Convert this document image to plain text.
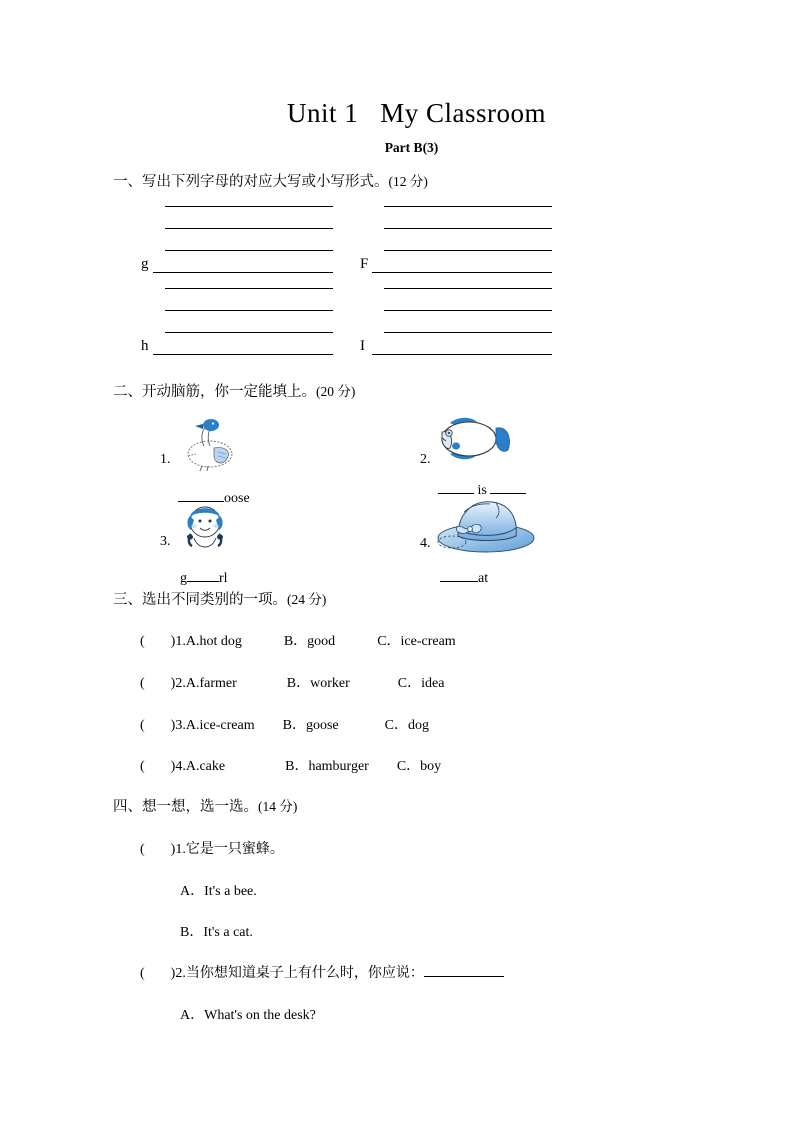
Unit 1 My Classroom
Part B(3)
一、写出下列字母的对应大写或小写形式。(12 分)
g	F
h	I
二、开动脑筋，你一定能填上。(20 分)
1.
oose
2.
is
3.
g rl
4.
at
三、选出不同类别的一项。(24 分)
( )1.A.hot dog	B．good	C．ice-cream
( )2.A.farmer	B．worker	C．idea
( )3.A.ice-cream B．goose	C．dog
( )4.A.cake	B．hamburger C．boy
四、想一想，选一选。(14 分)
( )1.它是一只蜜蜂。
A．It's a bee.
B．It's a cat.
( )2.当你想知道桌子上有什么时，你应说：
A．What's on the desk?
